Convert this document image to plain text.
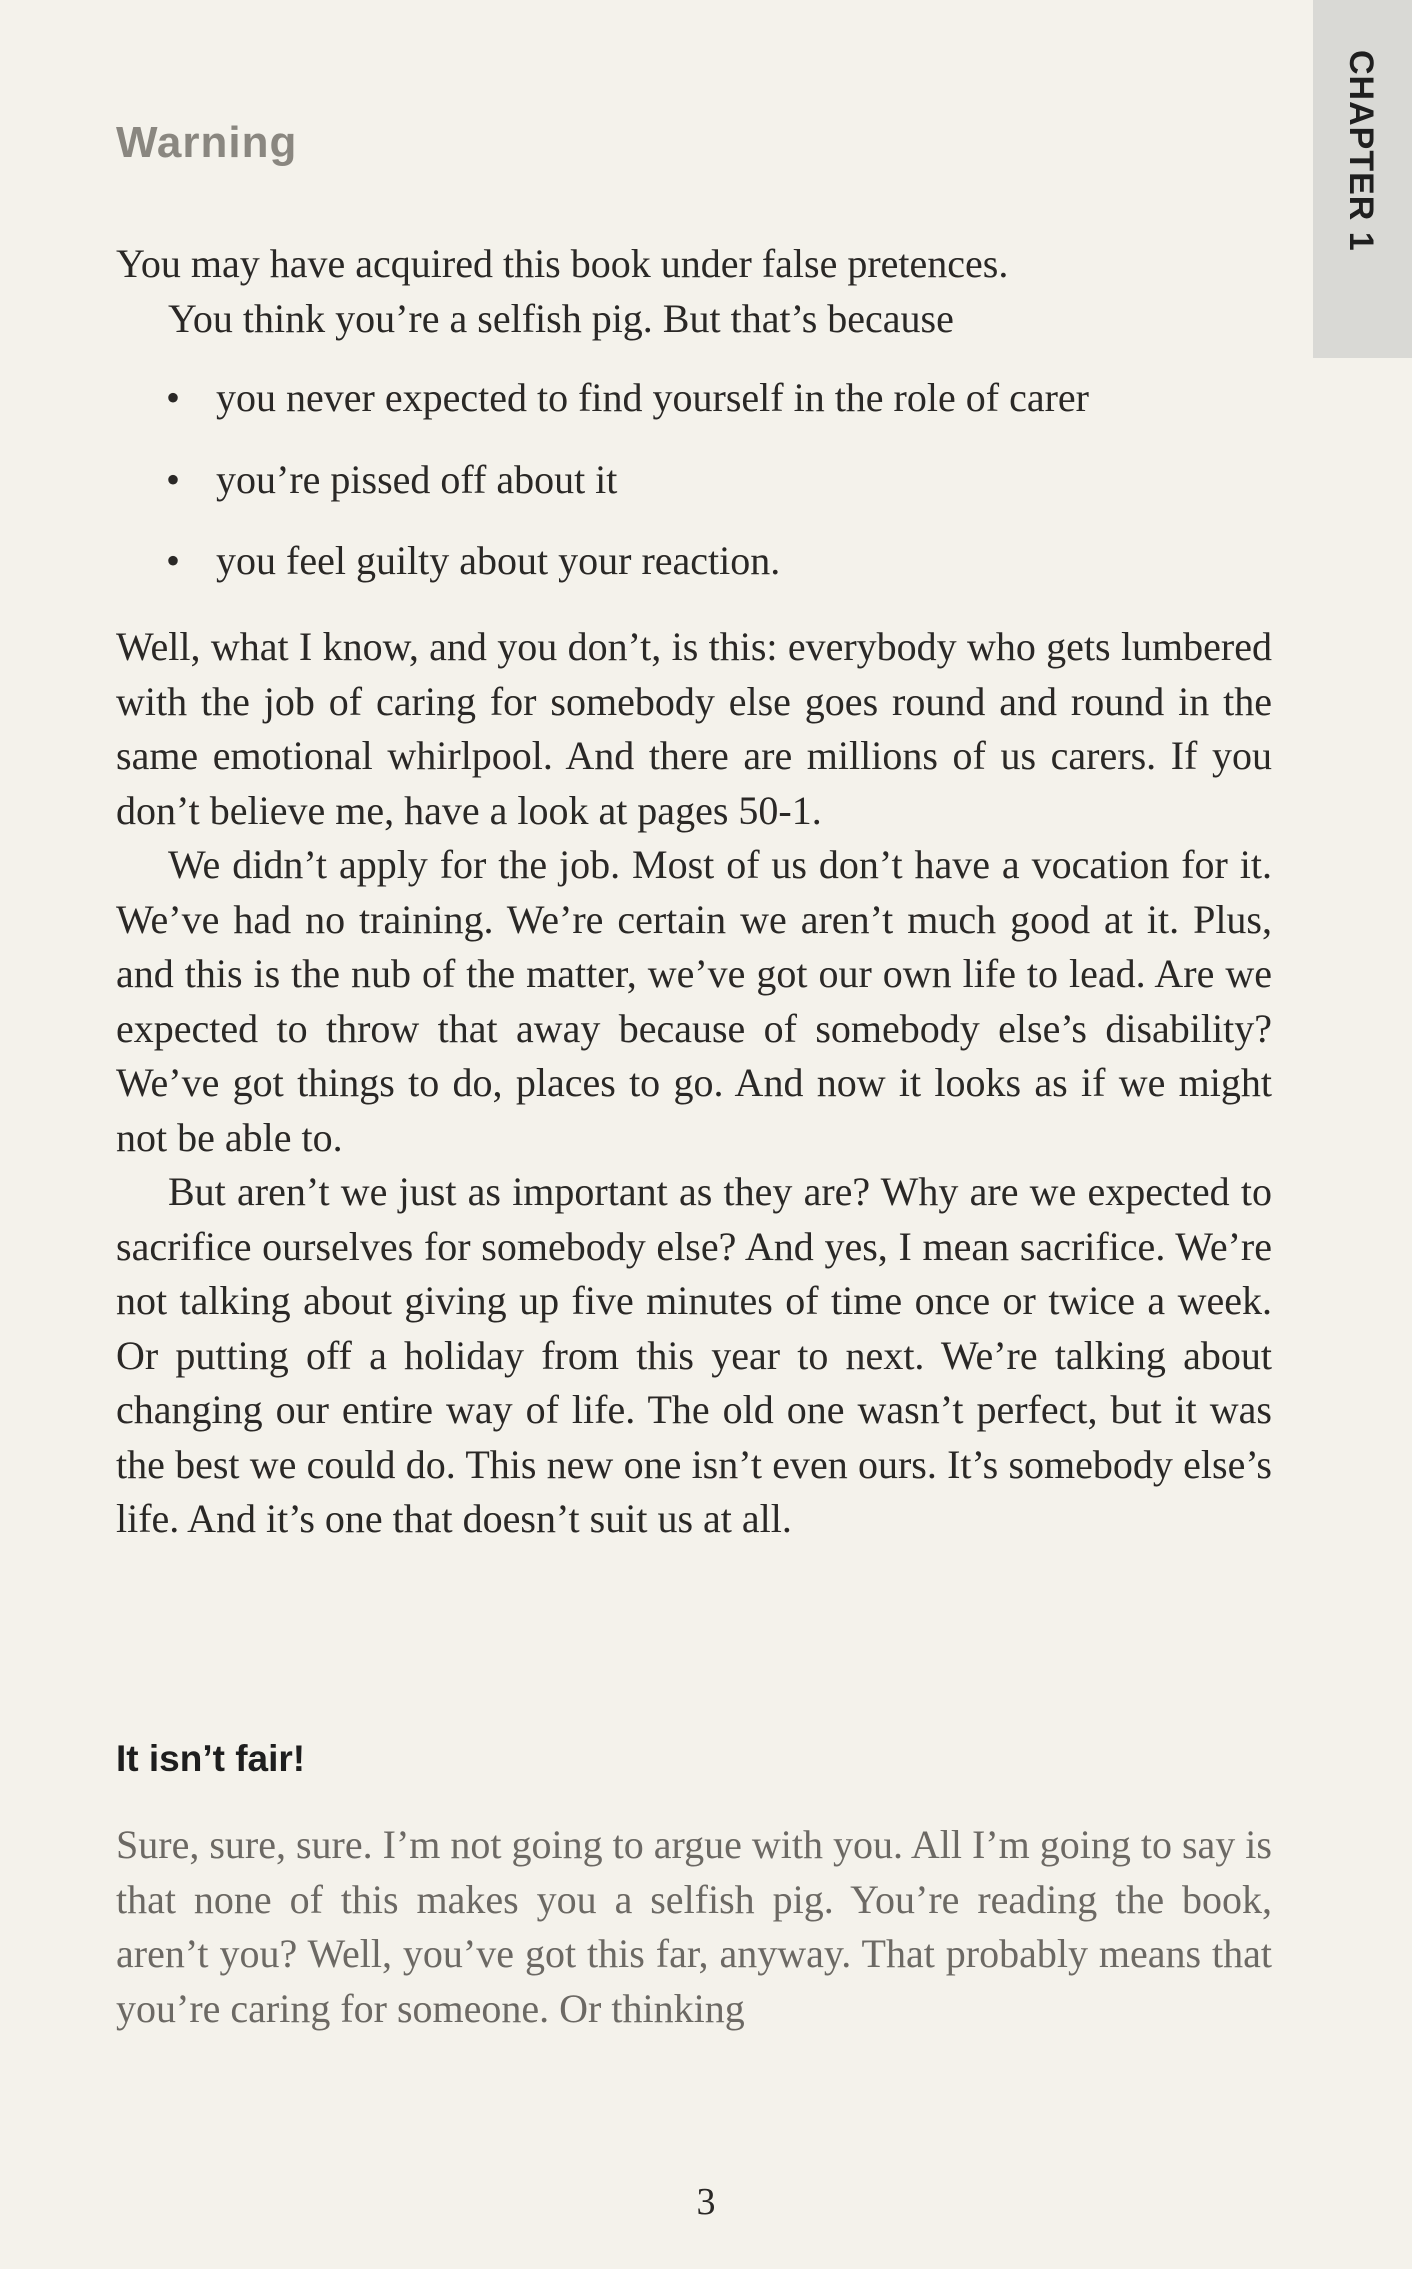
CHAPTER 1
Warning

You may have acquired this book under false pretences.

You think you’re a selfish pig. But that’s because

• you never expected to find yourself in the role of carer
• you’re pissed off about it
• you feel guilty about your reaction.

Well, what I know, and you don’t, is this: everybody who gets lumbered with the job of caring for somebody else goes round and round in the same emotional whirlpool. And there are millions of us carers. If you don’t believe me, have a look at pages 50-1.

We didn’t apply for the job. Most of us don’t have a vocation for it. We’ve had no training. We’re certain we aren’t much good at it. Plus, and this is the nub of the matter, we’ve got our own life to lead. Are we expected to throw that away because of somebody else’s disability? We’ve got things to do, places to go. And now it looks as if we might not be able to.

But aren’t we just as important as they are? Why are we expected to sacrifice ourselves for somebody else? And yes, I mean sacrifice. We’re not talking about giving up five minutes of time once or twice a week. Or putting off a holiday from this year to next. We’re talking about changing our entire way of life. The old one wasn’t perfect, but it was the best we could do. This new one isn’t even ours. It’s somebody else’s life. And it’s one that doesn’t suit us at all.

It isn’t fair!

Sure, sure, sure. I’m not going to argue with you. All I’m going to say is that none of this makes you a selfish pig. You’re reading the book, aren’t you? Well, you’ve got this far, anyway. That probably means that you’re caring for someone. Or thinking

3
